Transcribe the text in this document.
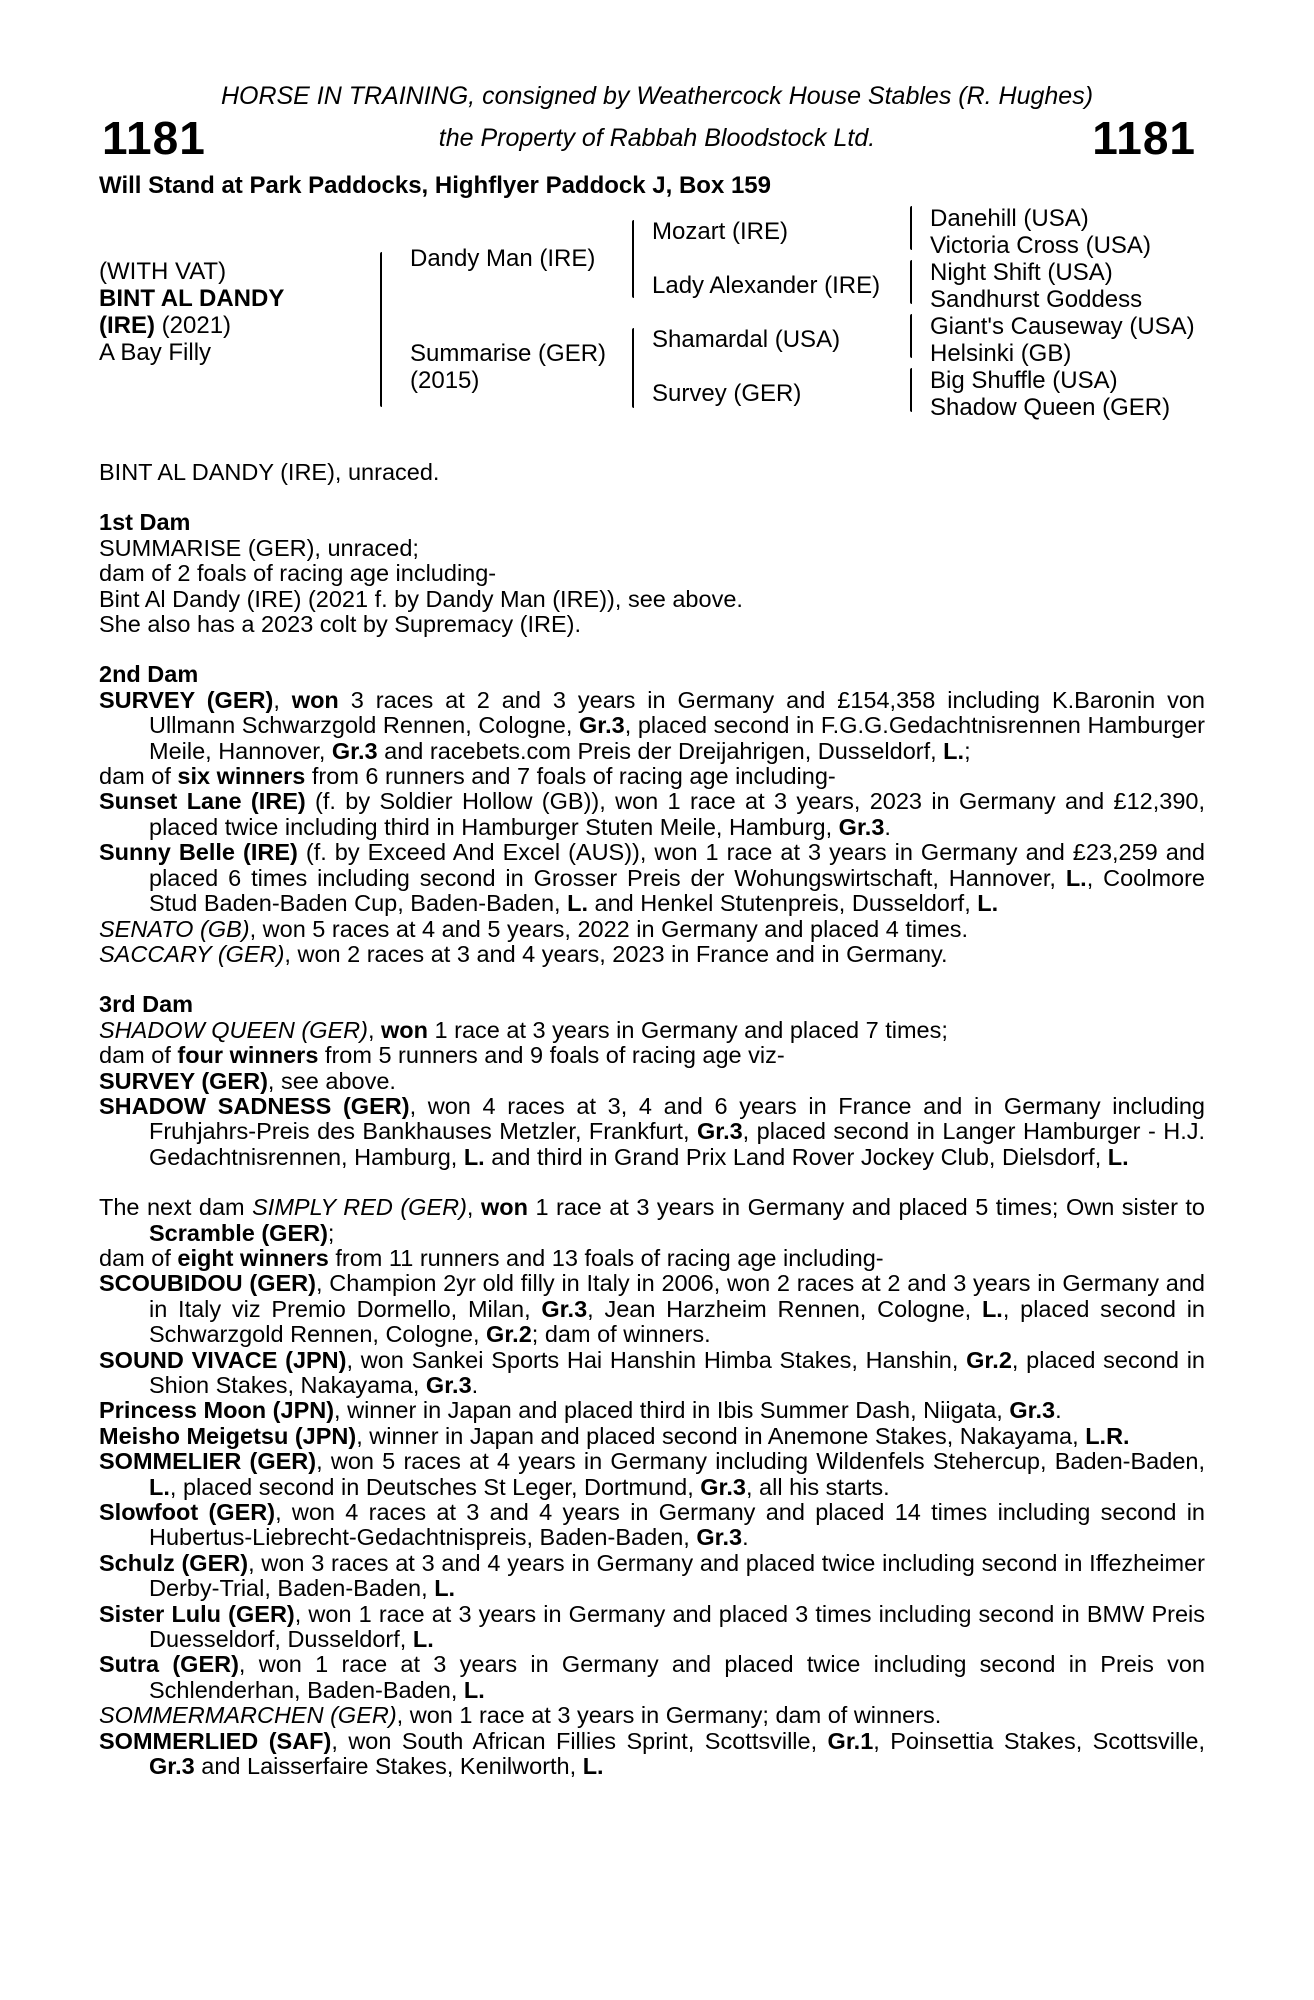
HORSE IN TRAINING, consigned by Weathercock House Stables (R. Hughes)
1181	the Property of Rabbah Bloodstock Ltd.	1181
Will Stand at Park Paddocks, Highflyer Paddock J, Box 159
(WITH VAT)
BINT AL DANDY
(IRE) (2021)
A Bay Filly
Dandy Man (IRE)
Summarise (GER)
(2015)
Mozart (IRE)
Lady Alexander (IRE)
Shamardal (USA)
Survey (GER)
Danehill (USA)
Victoria Cross (USA)
Night Shift (USA)
Sandhurst Goddess
Giant's Causeway (USA)
Helsinki (GB)
Big Shuffle (USA)
Shadow Queen (GER)

BINT AL DANDY (IRE), unraced.

1st Dam

SUMMARISE (GER), unraced;

dam of 2 foals of racing age including-

Bint Al Dandy (IRE) (2021 f. by Dandy Man (IRE)), see above.

She also has a 2023 colt by Supremacy (IRE).

2nd Dam

SURVEY (GER), won 3 races at 2 and 3 years in Germany and £154,358 including K.Baronin von Ullmann Schwarzgold Rennen, Cologne, Gr.3, placed second in F.G.G.Gedachtnisrennen Hamburger Meile, Hannover, Gr.3 and racebets.com Preis der Dreijahrigen, Dusseldorf, L.;

dam of six winners from 6 runners and 7 foals of racing age including-

Sunset Lane (IRE) (f. by Soldier Hollow (GB)), won 1 race at 3 years, 2023 in Germany and £12,390, placed twice including third in Hamburger Stuten Meile, Hamburg, Gr.3.

Sunny Belle (IRE) (f. by Exceed And Excel (AUS)), won 1 race at 3 years in Germany and £23,259 and placed 6 times including second in Grosser Preis der Wohungswirtschaft, Hannover, L., Coolmore Stud Baden-Baden Cup, Baden-Baden, L. and Henkel Stutenpreis, Dusseldorf, L.

SENATO (GB), won 5 races at 4 and 5 years, 2022 in Germany and placed 4 times.

SACCARY (GER), won 2 races at 3 and 4 years, 2023 in France and in Germany.

3rd Dam

SHADOW QUEEN (GER), won 1 race at 3 years in Germany and placed 7 times;

dam of four winners from 5 runners and 9 foals of racing age viz-

SURVEY (GER), see above.

SHADOW SADNESS (GER), won 4 races at 3, 4 and 6 years in France and in Germany including Fruhjahrs-Preis des Bankhauses Metzler, Frankfurt, Gr.3, placed second in Langer Hamburger - H.J. Gedachtnisrennen, Hamburg, L. and third in Grand Prix Land Rover Jockey Club, Dielsdorf, L.

The next dam SIMPLY RED (GER), won 1 race at 3 years in Germany and placed 5 times; Own sister to Scramble (GER);

dam of eight winners from 11 runners and 13 foals of racing age including-

SCOUBIDOU (GER), Champion 2yr old filly in Italy in 2006, won 2 races at 2 and 3 years in Germany and in Italy viz Premio Dormello, Milan, Gr.3, Jean Harzheim Rennen, Cologne, L., placed second in Schwarzgold Rennen, Cologne, Gr.2; dam of winners.

SOUND VIVACE (JPN), won Sankei Sports Hai Hanshin Himba Stakes, Hanshin, Gr.2, placed second in Shion Stakes, Nakayama, Gr.3.

Princess Moon (JPN), winner in Japan and placed third in Ibis Summer Dash, Niigata, Gr.3.

Meisho Meigetsu (JPN), winner in Japan and placed second in Anemone Stakes, Nakayama, L.R.

SOMMELIER (GER), won 5 races at 4 years in Germany including Wildenfels Stehercup, Baden-Baden, L., placed second in Deutsches St Leger, Dortmund, Gr.3, all his starts.

Slowfoot (GER), won 4 races at 3 and 4 years in Germany and placed 14 times including second in Hubertus-Liebrecht-Gedachtnispreis, Baden-Baden, Gr.3.

Schulz (GER), won 3 races at 3 and 4 years in Germany and placed twice including second in Iffezheimer Derby-Trial, Baden-Baden, L.

Sister Lulu (GER), won 1 race at 3 years in Germany and placed 3 times including second in BMW Preis Duesseldorf, Dusseldorf, L.

Sutra (GER), won 1 race at 3 years in Germany and placed twice including second in Preis von Schlenderhan, Baden-Baden, L.

SOMMERMARCHEN (GER), won 1 race at 3 years in Germany; dam of winners.

SOMMERLIED (SAF), won South African Fillies Sprint, Scottsville, Gr.1, Poinsettia Stakes, Scottsville, Gr.3 and Laisserfaire Stakes, Kenilworth, L.
